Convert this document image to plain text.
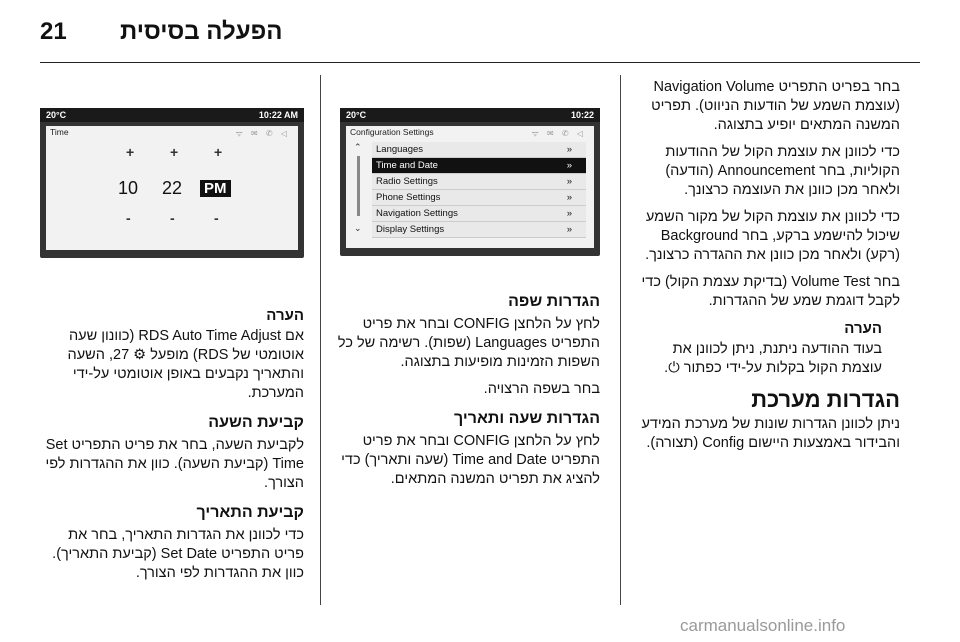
21 הפעלה בסיסית

בחר בפריט התפריט Navigation Volume (עוצמת השמע של הודעות הניווט). תפריט המשנה המתאים יופיע בתצוגה.

כדי לכוונן את עוצמת הקול של ההודעות הקוליות, בחר Announcement (הודעה) ולאחר מכן כוונן את העוצמה כרצונך.

כדי לכוונן את עוצמת הקול של מקור השמע שיכול להישמע ברקע, בחר Background (רקע) ולאחר מכן כוונן את ההגדרה כרצונך.

בחר Volume Test (בדיקת עצמת הקול) כדי לקבל דוגמת שמע של ההגדרות.

הערה

בעוד ההודעה ניתנת, ניתן לכוונן את עוצמת הקול בקלות על-ידי כפתור ⏻.

הגדרות מערכת

ניתן לכוונן הגדרות שונות של מערכת המידע והבידור באמצעות היישום Config (תצורה).

20°C	10:22
Configuration Settings	ᯤ ✉ ✆ ◁
⌃
⌄
Languages	»
Time and Date	»
Radio Settings	»
Phone Settings	»
Navigation Settings	»
Display Settings	»
הגדרות שפה

לחץ על הלחצן CONFIG ובחר את פריט התפריט Languages (שפות). רשימה של כל השפות הזמינות מופיעות בתצוגה.

בחר בשפה הרצויה.

הגדרות שעה ותאריך

לחץ על הלחצן CONFIG ובחר את פריט התפריט Time and Date (שעה ותאריך) כדי להציג את תפריט המשנה המתאים.

20°C	10:22 AM
Time	ᯤ ✉ ✆ ◁
+	+	+
10 22 PM
-	-	-
הערה

אם RDS Auto Time Adjust (כוונון שעה אוטומטי של RDS) מופעל ⚙ 27, השעה והתאריך נקבעים באופן אוטומטי על-ידי המערכת.

קביעת השעה

לקביעת השעה, בחר את פריט התפריט Set Time (קביעת השעה). כוון את ההגדרות לפי הצורך.

קביעת התאריך

כדי לכוונן את הגדרות התאריך, בחר את פריט התפריט Set Date (קביעת התאריך). כוון את ההגדרות לפי הצורך.

carmanualsonline.info
